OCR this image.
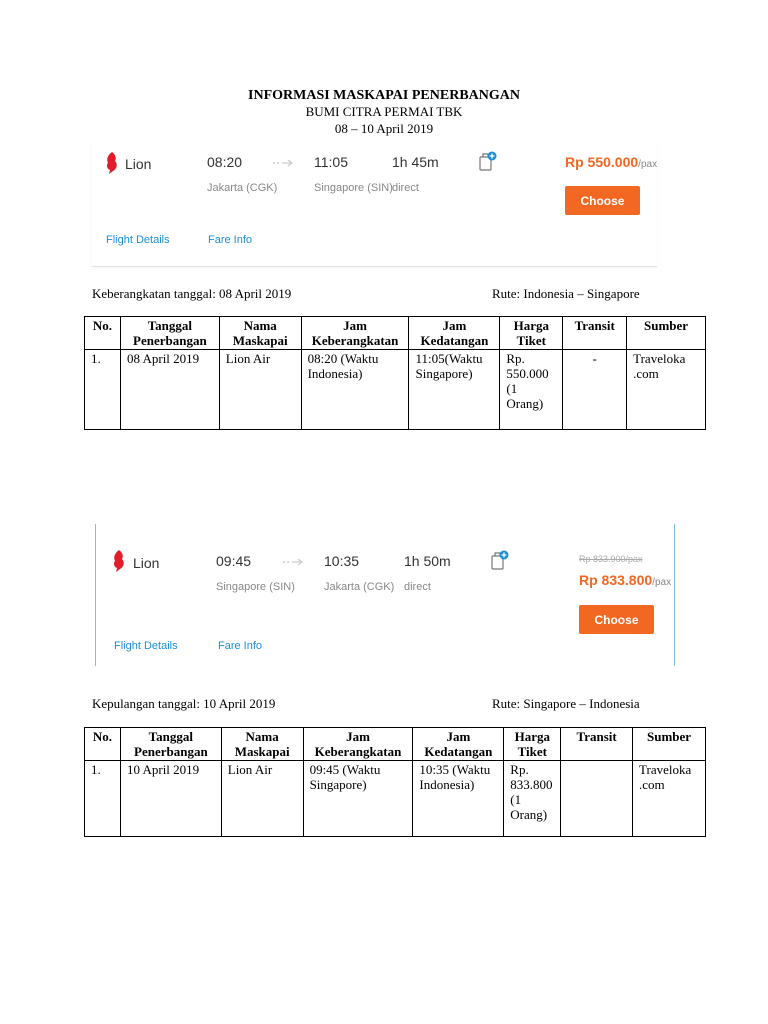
INFORMASI MASKAPAI PENERBANGAN
BUMI CITRA PERMAI TBK
08 – 10 April 2019
Lion	08:20
Jakarta (CGK)
11:05
Singapore (SIN)
1h 45m
direct
Rp 550.000/pax
Choose
Flight Details	Fare Info
Keberangkatan tanggal: 08 April 2019	Rute: Indonesia – Singapore
No.	Tanggal Penerbangan	Nama Maskapai	Jam Keberangkatan	Jam Kedatangan	Harga Tiket	Transit	Sumber
1.	08 April 2019	Lion Air	08:20 (Waktu Indonesia)	11:05(Waktu Singapore)	Rp. 550.000 (1 Orang)	-	Traveloka .com
Lion	09:45
Singapore (SIN)
10:35
Jakarta (CGK)
1h 50m
direct
Rp 833.900/pax
Rp 833.800/pax
Choose
Flight Details	Fare Info
Kepulangan tanggal: 10 April 2019	Rute: Singapore – Indonesia
No.	Tanggal Penerbangan	Nama Maskapai	Jam Keberangkatan	Jam Kedatangan	Harga Tiket	Transit	Sumber
1.	10 April 2019	Lion Air	09:45 (Waktu Singapore)	10:35 (Waktu Indonesia)	Rp. 833.800 (1 Orang)		Traveloka .com
